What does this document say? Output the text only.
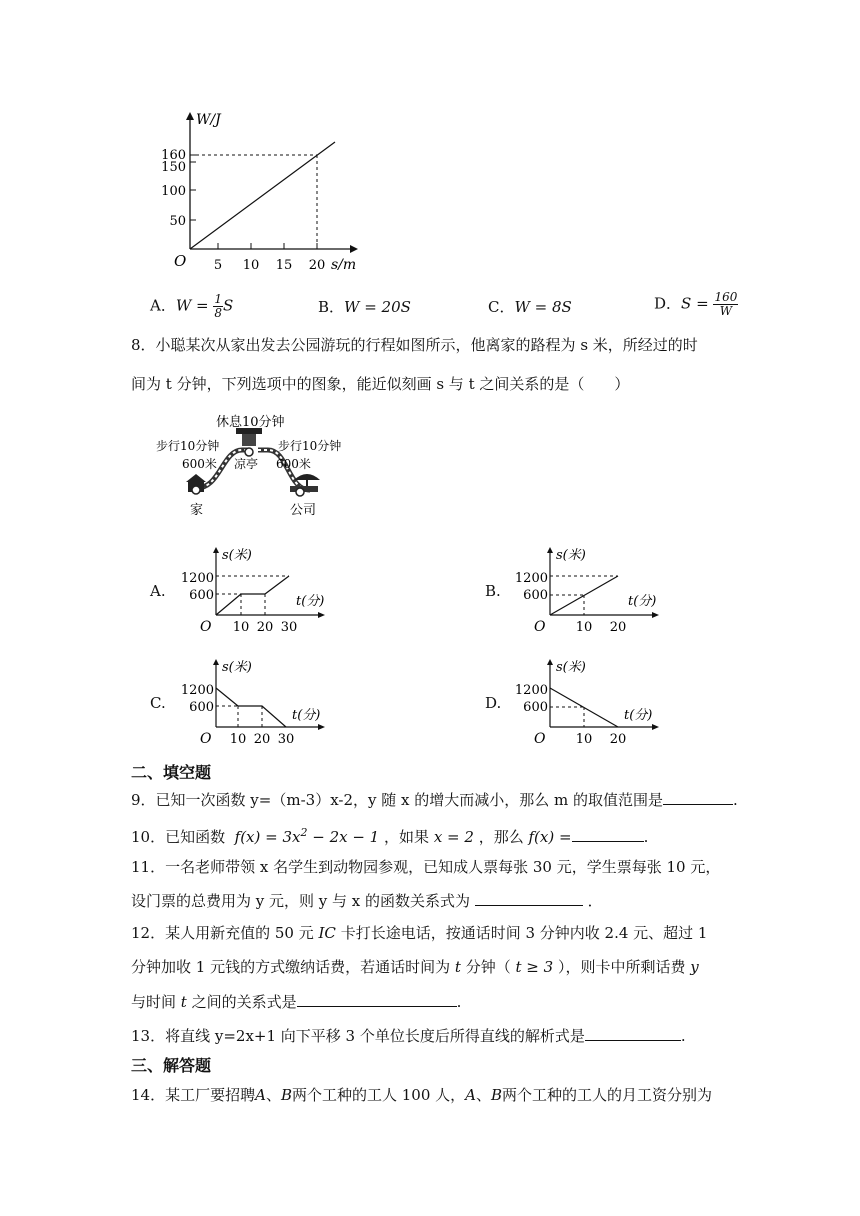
W/J
s/m
O
160
150
100
50
5 10 15 20
A．$W = \frac{1}{8}$ S	B．W = 20S	C．W = 8S	D．$S = \frac{160}{W}$
8．小聪某次从家出发去公园游玩的行程如图所示，他离家的路程为 s 米，所经过的时
间为 t 分钟，下列选项中的图象，能近似刻画 s 与 t 之间关系的是（　　）
休息10分钟
步行10分钟
600米 凉亭
步行10分钟
600米
家	公司
A.
s(米)
t(分)
O
1200
600
10 20 30
B.
s(米)
t(分)
O
1200
600
10 20
C.
s(米)
t(分)
O
1200
600
10 20 30
D.
s(米)
t(分)
O
1200
600
10 20
二、填空题
9．已知一次函数 y=（m-3）x-2，y 随 x 的增大而减小，那么 m 的取值范围是	.
10．已知函数 $f(x) = 3x^2 - 2x - 1$ ，如果 x = 2 ，那么 f(x) =	.
11．一名老师带领 x 名学生到动物园参观，已知成人票每张 30 元，学生票每张 10 元，
设门票的总费用为 y 元，则 y 与 x 的函数关系式为	．
12．某人用新充值的 50 元 IC 卡打长途电话，按通话时间 3 分钟内收 2.4 元、超过 1
分钟加收 1 元钱的方式缴纳话费，若通话时间为 t 分钟（ t ≥ 3 ），则卡中所剩话费 y
与时间 t 之间的关系式是	.
13．将直线 y=2x+1 向下平移 3 个单位长度后所得直线的解析式是	.
三、解答题
14．某工厂要招聘A、B两个工种的工人 100 人，A、B两个工种的工人的月工资分别为
